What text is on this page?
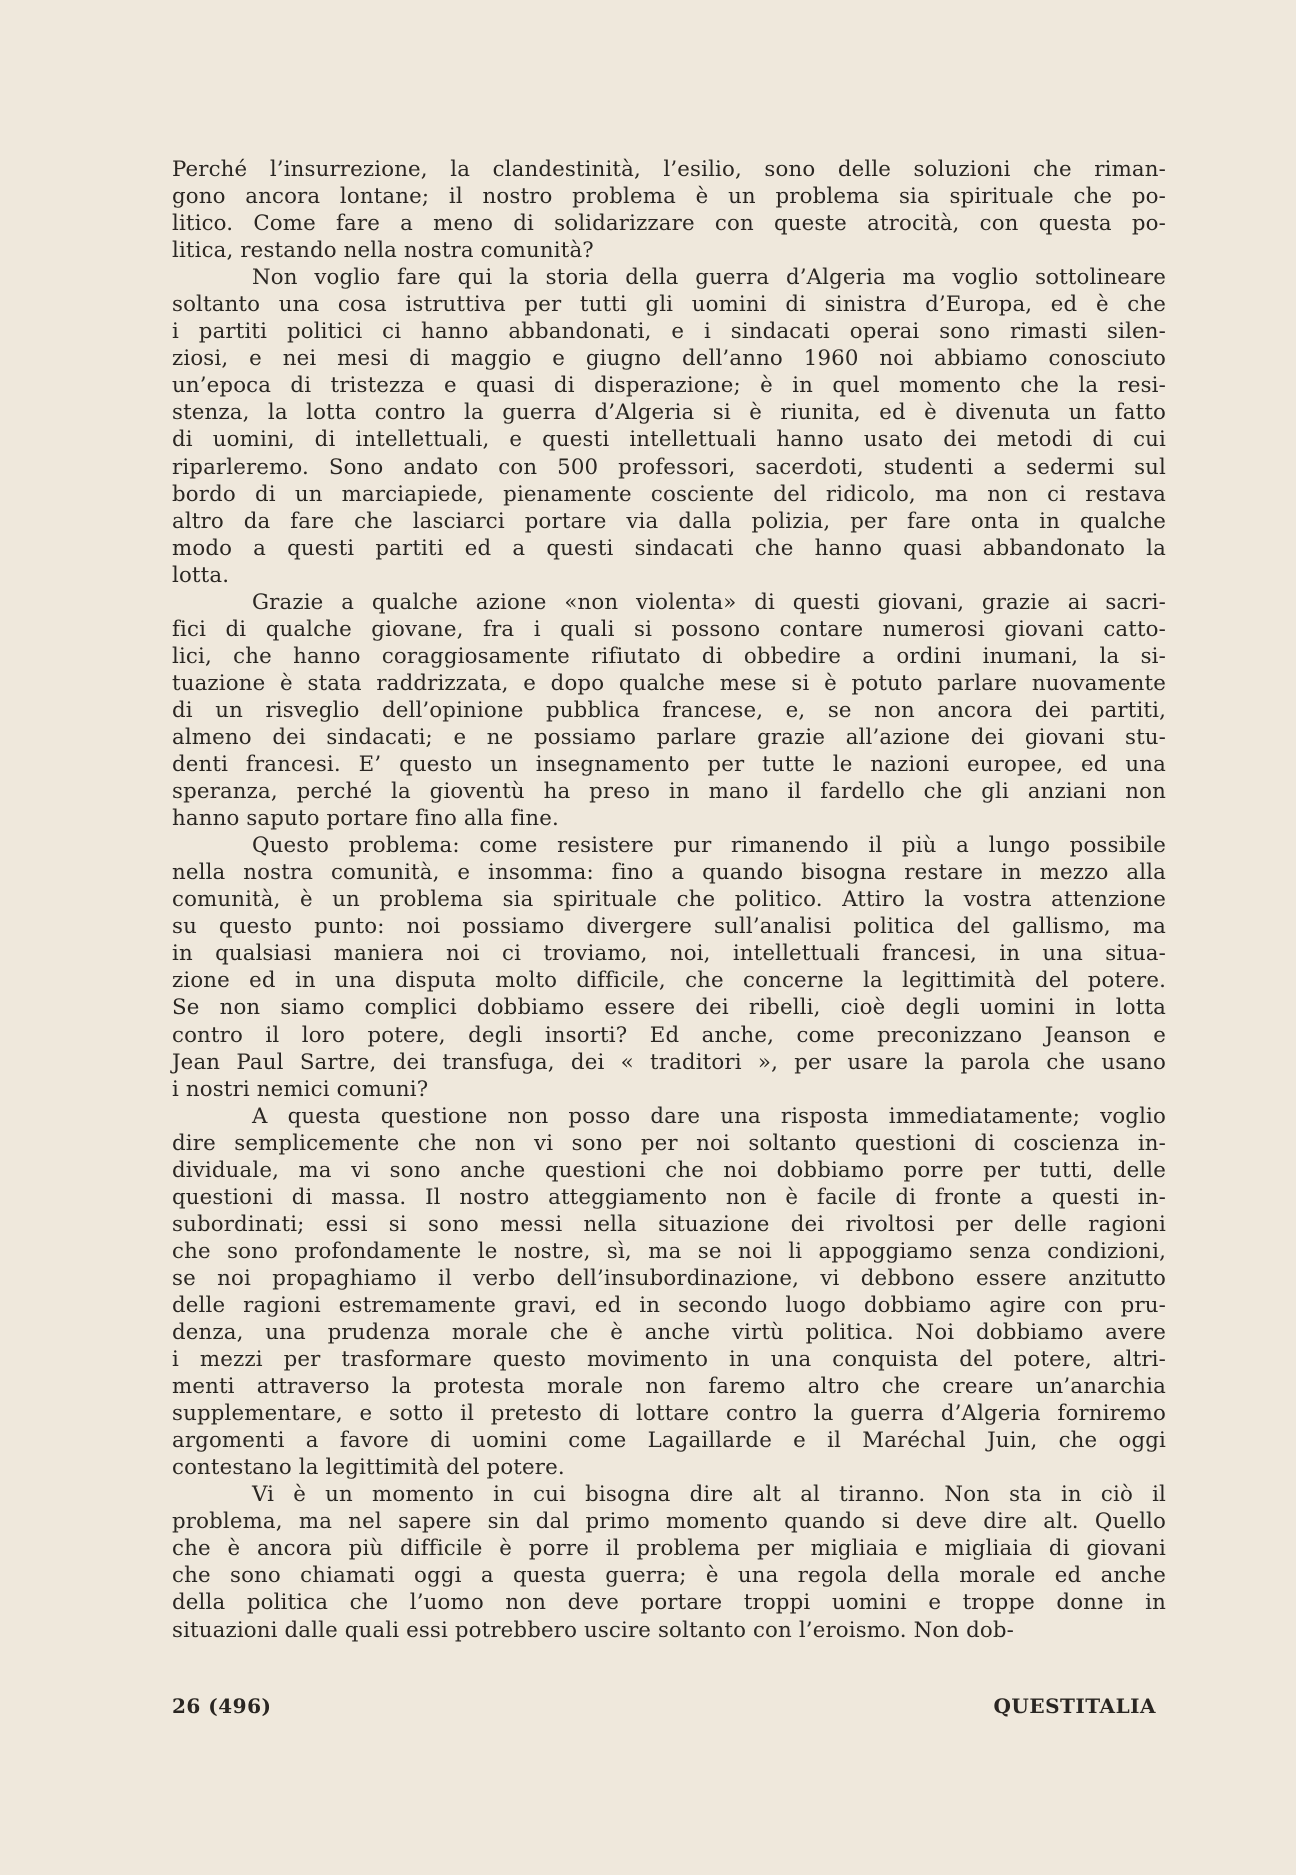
Perché l’insurrezione, la clandestinità, l’esilio, sono delle soluzioni che riman-
gono ancora lontane; il nostro problema è un problema sia spirituale che po-
litico. Come fare a meno di solidarizzare con queste atrocità, con questa po-
litica, restando nella nostra comunità?

Non voglio fare qui la storia della guerra d’Algeria ma voglio sottolineare
soltanto una cosa istruttiva per tutti gli uomini di sinistra d’Europa, ed è che
i partiti politici ci hanno abbandonati, e i sindacati operai sono rimasti silen-
ziosi, e nei mesi di maggio e giugno dell’anno 1960 noi abbiamo conosciuto
un’epoca di tristezza e quasi di disperazione; è in quel momento che la resi-
stenza, la lotta contro la guerra d’Algeria si è riunita, ed è divenuta un fatto
di uomini, di intellettuali, e questi intellettuali hanno usato dei metodi di cui
riparleremo. Sono andato con 500 professori, sacerdoti, studenti a sedermi sul
bordo di un marciapiede, pienamente cosciente del ridicolo, ma non ci restava
altro da fare che lasciarci portare via dalla polizia, per fare onta in qualche
modo a questi partiti ed a questi sindacati che hanno quasi abbandonato la
lotta.

Grazie a qualche azione «non violenta» di questi giovani, grazie ai sacri-
fici di qualche giovane, fra i quali si possono contare numerosi giovani catto-
lici, che hanno coraggiosamente rifiutato di obbedire a ordini inumani, la si-
tuazione è stata raddrizzata, e dopo qualche mese si è potuto parlare nuovamente
di un risveglio dell’opinione pubblica francese, e, se non ancora dei partiti,
almeno dei sindacati; e ne possiamo parlare grazie all’azione dei giovani stu-
denti francesi. E’ questo un insegnamento per tutte le nazioni europee, ed una
speranza, perché la gioventù ha preso in mano il fardello che gli anziani non
hanno saputo portare fino alla fine.

Questo problema: come resistere pur rimanendo il più a lungo possibile
nella nostra comunità, e insomma: fino a quando bisogna restare in mezzo alla
comunità, è un problema sia spirituale che politico. Attiro la vostra attenzione
su questo punto: noi possiamo divergere sull’analisi politica del gallismo, ma
in qualsiasi maniera noi ci troviamo, noi, intellettuali francesi, in una situa-
zione ed in una disputa molto difficile, che concerne la legittimità del potere.
Se non siamo complici dobbiamo essere dei ribelli, cioè degli uomini in lotta
contro il loro potere, degli insorti? Ed anche, come preconizzano Jeanson e
Jean Paul Sartre, dei transfuga, dei « traditori », per usare la parola che usano
i nostri nemici comuni?

A questa questione non posso dare una risposta immediatamente; voglio
dire semplicemente che non vi sono per noi soltanto questioni di coscienza in-
dividuale, ma vi sono anche questioni che noi dobbiamo porre per tutti, delle
questioni di massa. Il nostro atteggiamento non è facile di fronte a questi in-
subordinati; essi si sono messi nella situazione dei rivoltosi per delle ragioni
che sono profondamente le nostre, sì, ma se noi li appoggiamo senza condizioni,
se noi propaghiamo il verbo dell’insubordinazione, vi debbono essere anzitutto
delle ragioni estremamente gravi, ed in secondo luogo dobbiamo agire con pru-
denza, una prudenza morale che è anche virtù politica. Noi dobbiamo avere
i mezzi per trasformare questo movimento in una conquista del potere, altri-
menti attraverso la protesta morale non faremo altro che creare un’anarchia
supplementare, e sotto il pretesto di lottare contro la guerra d’Algeria forniremo
argomenti a favore di uomini come Lagaillarde e il Maréchal Juin, che oggi
contestano la legittimità del potere.

Vi è un momento in cui bisogna dire alt al tiranno. Non sta in ciò il
problema, ma nel sapere sin dal primo momento quando si deve dire alt. Quello
che è ancora più difficile è porre il problema per migliaia e migliaia di giovani
che sono chiamati oggi a questa guerra; è una regola della morale ed anche
della politica che l’uomo non deve portare troppi uomini e troppe donne in
situazioni dalle quali essi potrebbero uscire soltanto con l’eroismo. Non dob-

26 (496)	QUESTITALIA
